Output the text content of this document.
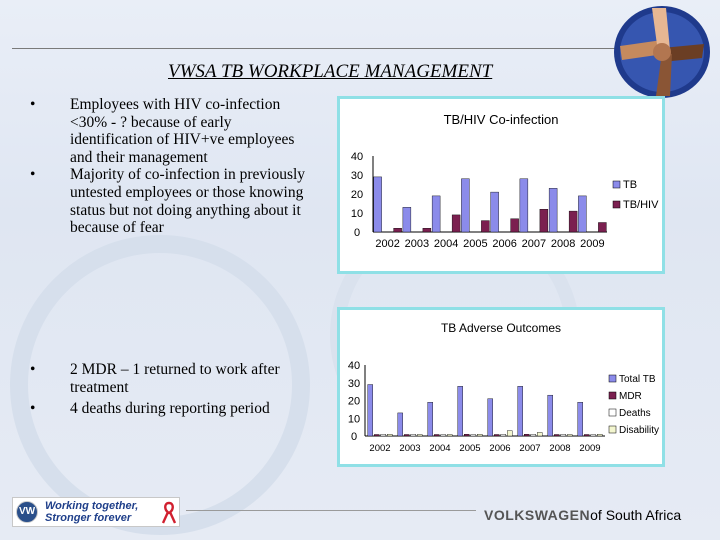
VWSA TB WORKPLACE MANAGEMENT
• Employees with HIV co-infection <30% - ? because of early identification of HIV+ve employees and their management
• Majority of co-infection in previously untested employees or those knowing status but not doing anything about it because of fear
• 2 MDR – 1 returned to work after treatment
• 4 deaths during reporting period
TB/HIV Co-infection
0
10
20
30
40
2002 2003 2004 2005 2006 2007 2008 2009
TB
TB/HIV
TB Adverse Outcomes
0
10
20
30
40
2002 2003 2004 2005 2006 2007 2008 2009
Total TB
MDR
Deaths
Disability
VW Working together,
Stronger forever	VOLKSWAGENof South Africa
